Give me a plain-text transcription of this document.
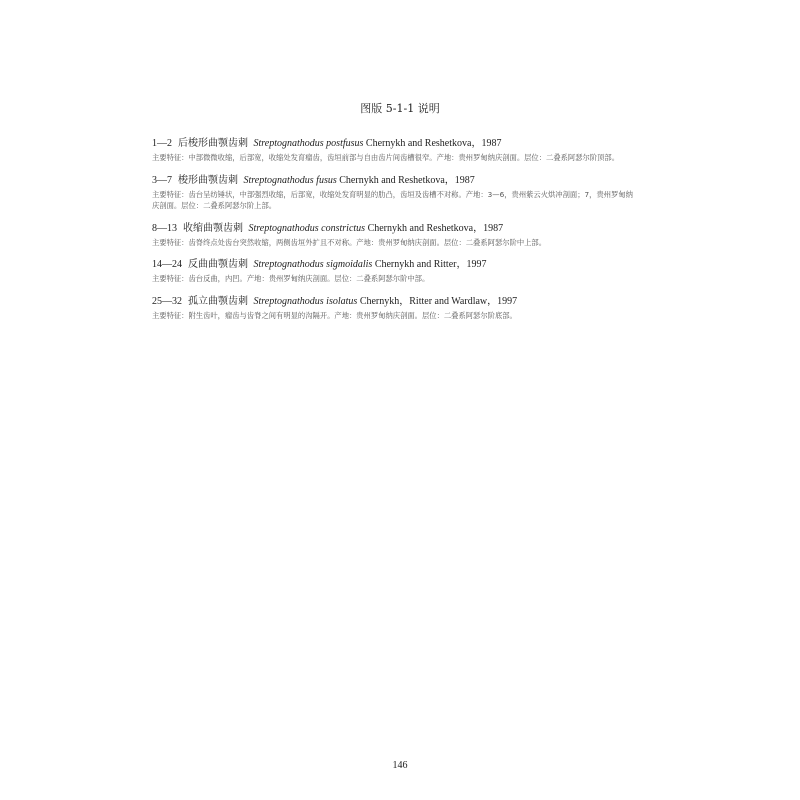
图版 5-1-1 说明
1—2 后梭形曲颚齿刺 Streptognathodus postfusus Chernykh and Reshetkova，1987
主要特征：中部微微收缩，后部宽，收缩处发育瘤齿，齿垣前部与自由齿片间齿槽很窄。产地：贵州罗甸纳庆剖面。层位：二叠系阿瑟尔阶顶部。
3—7 梭形曲颚齿刺 Streptognathodus fusus Chernykh and Reshetkova，1987
主要特征：齿台呈纺锤状，中部强烈收缩，后部宽，收缩处发育明显的肋凸，齿垣及齿槽不对称。产地：3—6，贵州紫云火烘冲剖面；7，贵州罗甸纳庆剖面。层位：二叠系阿瑟尔阶上部。
8—13 收缩曲颚齿刺 Streptognathodus constrictus Chernykh and Reshetkova，1987
主要特征：齿脊终点处齿台突然收缩，两侧齿垣外扩且不对称。产地：贵州罗甸纳庆剖面。层位：二叠系阿瑟尔阶中上部。
14—24 反曲曲颚齿刺 Streptognathodus sigmoidalis Chernykh and Ritter，1997
主要特征：齿台反曲，内凹。产地：贵州罗甸纳庆剖面。层位：二叠系阿瑟尔阶中部。
25—32 孤立曲颚齿刺 Streptognathodus isolatus Chernykh，Ritter and Wardlaw，1997
主要特征：附生齿叶，瘤齿与齿脊之间有明显的沟隔开。产地：贵州罗甸纳庆剖面。层位：二叠系阿瑟尔阶底部。
146
